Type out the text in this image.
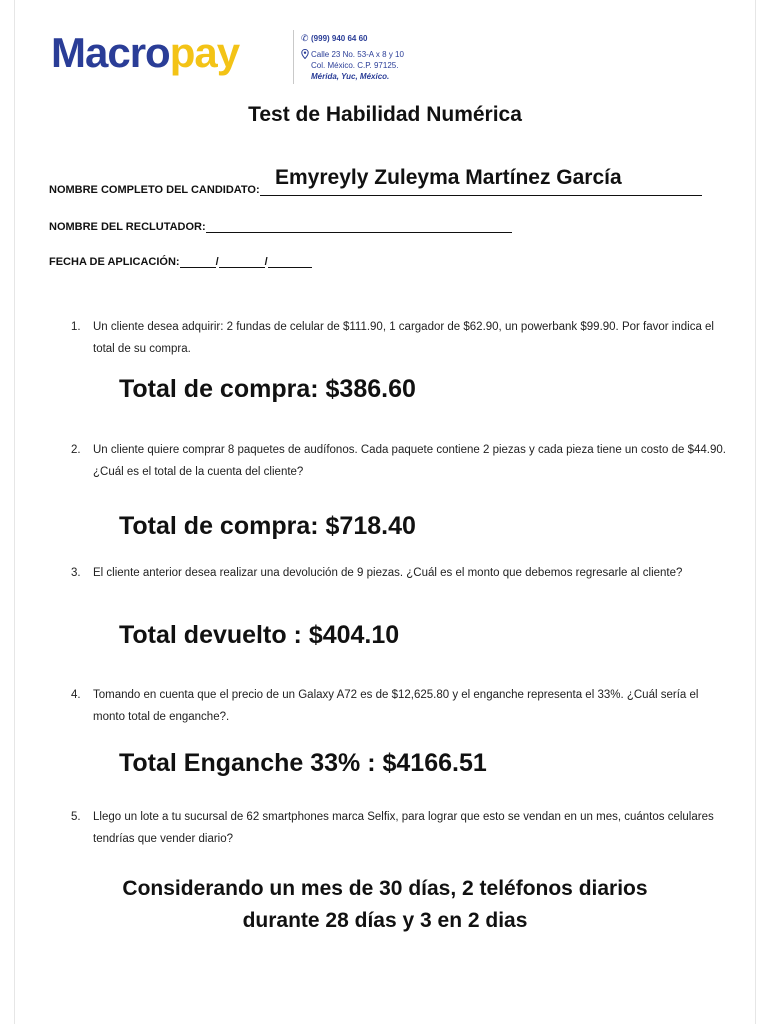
Macropay	✆ (999) 940 64 60
Calle 23 No. 53-A x 8 y 10
Col. México. C.P. 97125.
Mérida, Yuc, México.
Test de Habilidad Numérica
NOMBRE COMPLETO DEL CANDIDATO:
Emyreyly Zuleyma Martínez García
NOMBRE DEL RECLUTADOR:
FECHA DE APLICACIÓN:	/	/
1. Un cliente desea adquirir: 2 fundas de celular de $111.90, 1 cargador de $62.90, un powerbank $99.90. Por favor indica el total de su compra.
Total de compra: $386.60
2. Un cliente quiere comprar 8 paquetes de audífonos. Cada paquete contiene 2 piezas y cada pieza tiene un costo de $44.90. ¿Cuál es el total de la cuenta del cliente?
Total de compra: $718.40
3. El cliente anterior desea realizar una devolución de 9 piezas. ¿Cuál es el monto que debemos regresarle al cliente?
Total devuelto : $404.10
4. Tomando en cuenta que el precio de un Galaxy A72 es de $12,625.80 y el enganche representa el 33%. ¿Cuál sería el monto total de enganche?.
Total Enganche 33% : $4166.51
5. Llego un lote a tu sucursal de 62 smartphones marca Selfix, para lograr que esto se vendan en un mes, cuántos celulares tendrías que vender diario?
Considerando un mes de 30 días, 2 teléfonos diarios
durante 28 días y 3 en 2 dias
